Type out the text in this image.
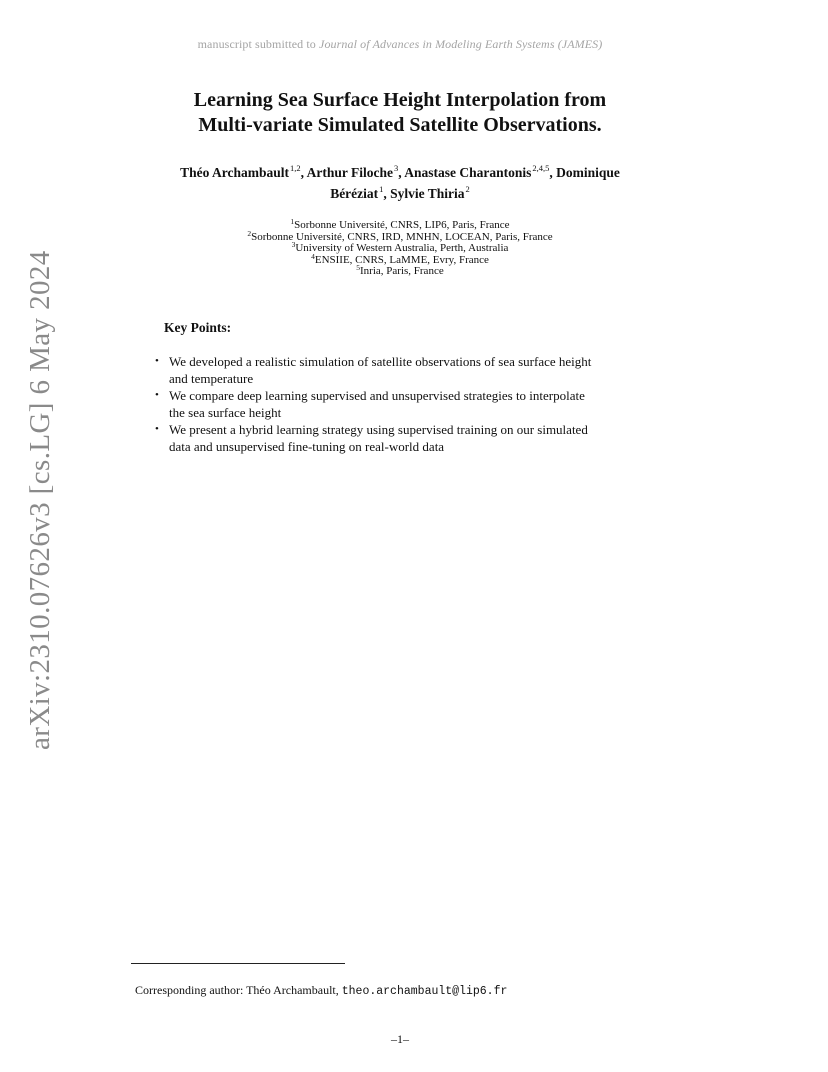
manuscript submitted to Journal of Advances in Modeling Earth Systems (JAMES)
Learning Sea Surface Height Interpolation from
Multi-variate Simulated Satellite Observations.
Théo Archambault$^{1,2}$, Arthur Filoche$^3$, Anastase Charantonis$^{2,4,5}$, Dominique
Béréziat$^1$, Sylvie Thiria$^2$
$^1$Sorbonne Université, CNRS, LIP6, Paris, France
$^2$Sorbonne Université, CNRS, IRD, MNHN, LOCEAN, Paris, France
$^3$University of Western Australia, Perth, Australia
$^4$ENSIIE, CNRS, LaMME, Evry, France
$^5$Inria, Paris, France
arXiv:2310.07626v3 [cs.LG] 6 May 2024	Key Points:
• We developed a realistic simulation of satellite observations of sea surface height
and temperature
• We compare deep learning supervised and unsupervised strategies to interpolate
the sea surface height
• We present a hybrid learning strategy using supervised training on our simulated
data and unsupervised fine-tuning on real-world data
Corresponding author: Théo Archambault, theo.archambault@lip6.fr
–1–
